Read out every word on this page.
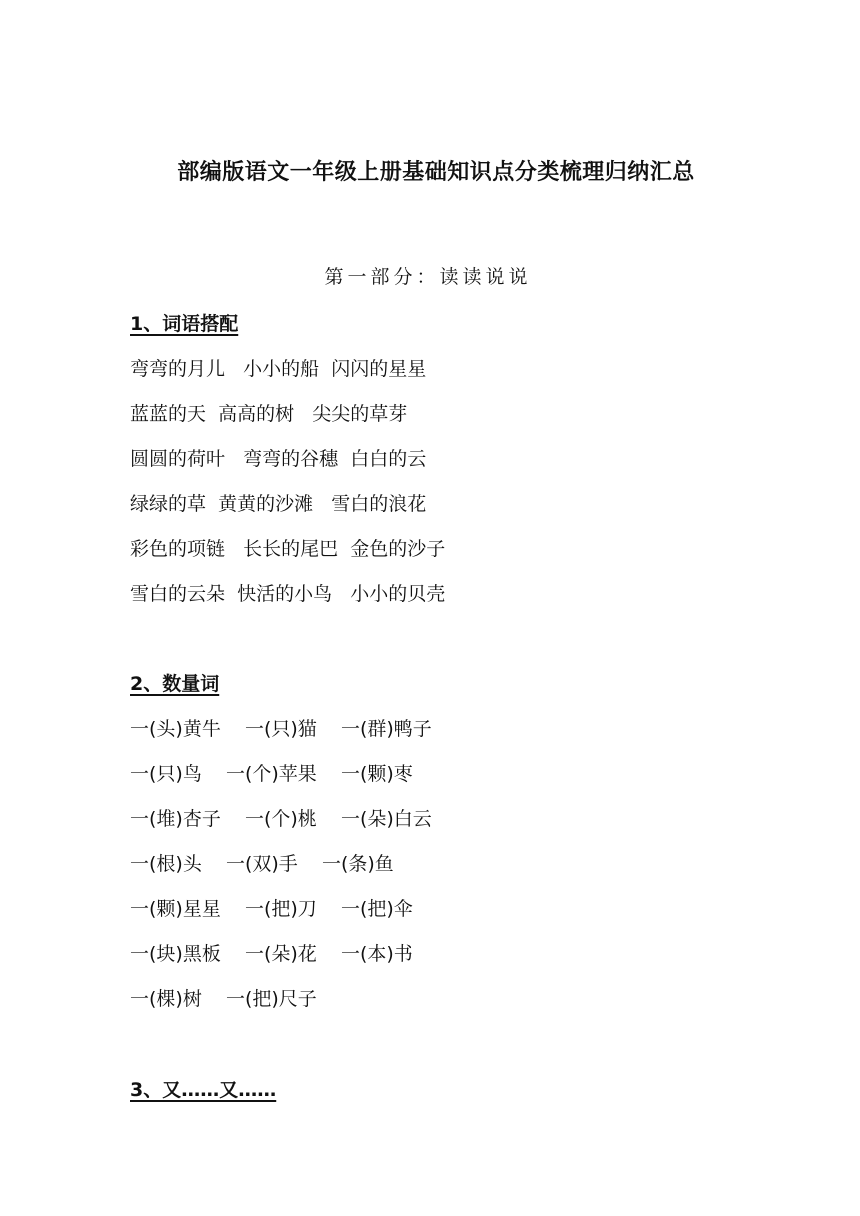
部编版语文一年级上册基础知识点分类梳理归纳汇总
第一部分：读读说说
1、词语搭配
弯弯的月儿   小小的船  闪闪的星星
蓝蓝的天  高高的树   尖尖的草芽
圆圆的荷叶   弯弯的谷穗  白白的云
绿绿的草  黄黄的沙滩   雪白的浪花
彩色的项链   长长的尾巴  金色的沙子
雪白的云朵  快活的小鸟   小小的贝壳
2、数量词
一(头)黄牛    一(只)猫    一(群)鸭子
一(只)鸟    一(个)苹果    一(颗)枣
一(堆)杏子    一(个)桃    一(朵)白云
一(根)头    一(双)手    一(条)鱼
一(颗)星星    一(把)刀    一(把)伞
一(块)黑板    一(朵)花    一(本)书
一(棵)树    一(把)尺子
3、又……又……
